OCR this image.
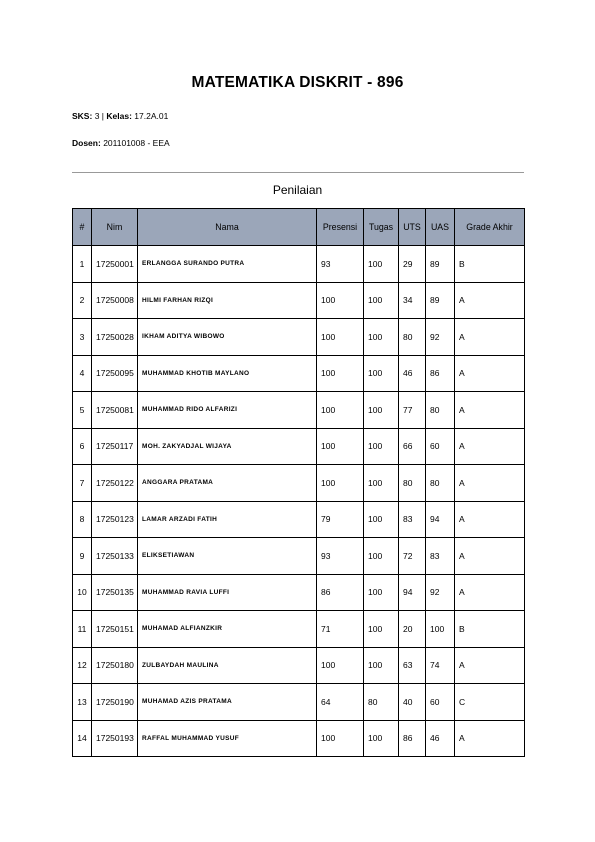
MATEMATIKA DISKRIT - 896
SKS: 3 | Kelas: 17.2A.01
Dosen: 201101008 - EEA
Penilaian
#	Nim	Nama	Presensi	Tugas	UTS	UAS	Grade Akhir
1	17250001	ERLANGGA SURANDO PUTRA	93	100	29	89	B
2	17250008	HILMI FARHAN RIZQI	100	100	34	89	A
3	17250028	IKHAM ADITYA WIBOWO	100	100	80	92	A
4	17250095	MUHAMMAD KHOTIB MAYLANO	100	100	46	86	A
5	17250081	MUHAMMAD RIDO ALFARIZI	100	100	77	80	A
6	17250117	MOH. ZAKYADJAL WIJAYA	100	100	66	60	A
7	17250122	ANGGARA PRATAMA	100	100	80	80	A
8	17250123	LAMAR ARZADI FATIH	79	100	83	94	A
9	17250133	ELIKSETIAWAN	93	100	72	83	A
10	17250135	MUHAMMAD RAVIA LUFFI	86	100	94	92	A
11	17250151	MUHAMAD ALFIANZKIR	71	100	20	100	B
12	17250180	ZULBAYDAH MAULINA	100	100	63	74	A
13	17250190	MUHAMAD AZIS PRATAMA	64	80	40	60	C
14	17250193	RAFFAL MUHAMMAD YUSUF	100	100	86	46	A
